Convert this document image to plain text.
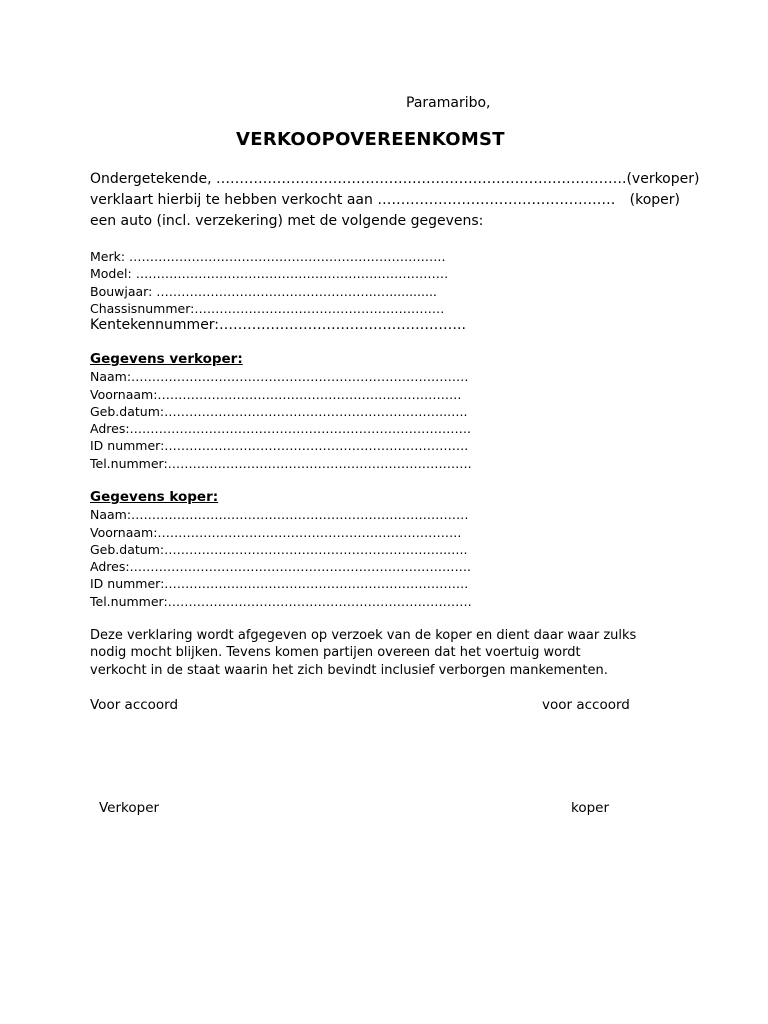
Paramaribo,
VERKOOPOVEREENKOMST
Ondergetekende, ……………………………………………………………………………. (verkoper)
verklaart hierbij te hebben verkocht aan …………………………………………… (koper)
een auto (incl. verzekering) met de volgende gegevens:
Merk: ………………………………………………………………….
Model: …………………………………………………………………
Bouwjaar: ……………………………………………..…............
Chassisnummer:……………………………………………………
Kentekennummer:……………………………………………..
Gegevens verkoper:
Naam:………………………………………………………………………
Voornaam:……………………………………………………………….
Geb.datum:…………………………………………………………..…..
Adres:……………………………………………………………………….
ID nummer:……………………………………………………………….
Tel.nummer:……………………………………………………………….
Gegevens koper:
Naam:………………………………………………………………………
Voornaam:……………………………………………………………….
Geb.datum:…………………………………………………………..…..
Adres:……………………………………………………………………….
ID nummer:……………………………………………………………….
Tel.nummer:……………………………………………………………….
Deze verklaring wordt afgegeven op verzoek van de koper en dient daar waar zulks
nodig mocht blijken. Tevens komen partijen overeen dat het voertuig wordt
verkocht in de staat waarin het zich bevindt inclusief verborgen mankementen.
Voor accoord	voor accoord
Verkoper	koper
